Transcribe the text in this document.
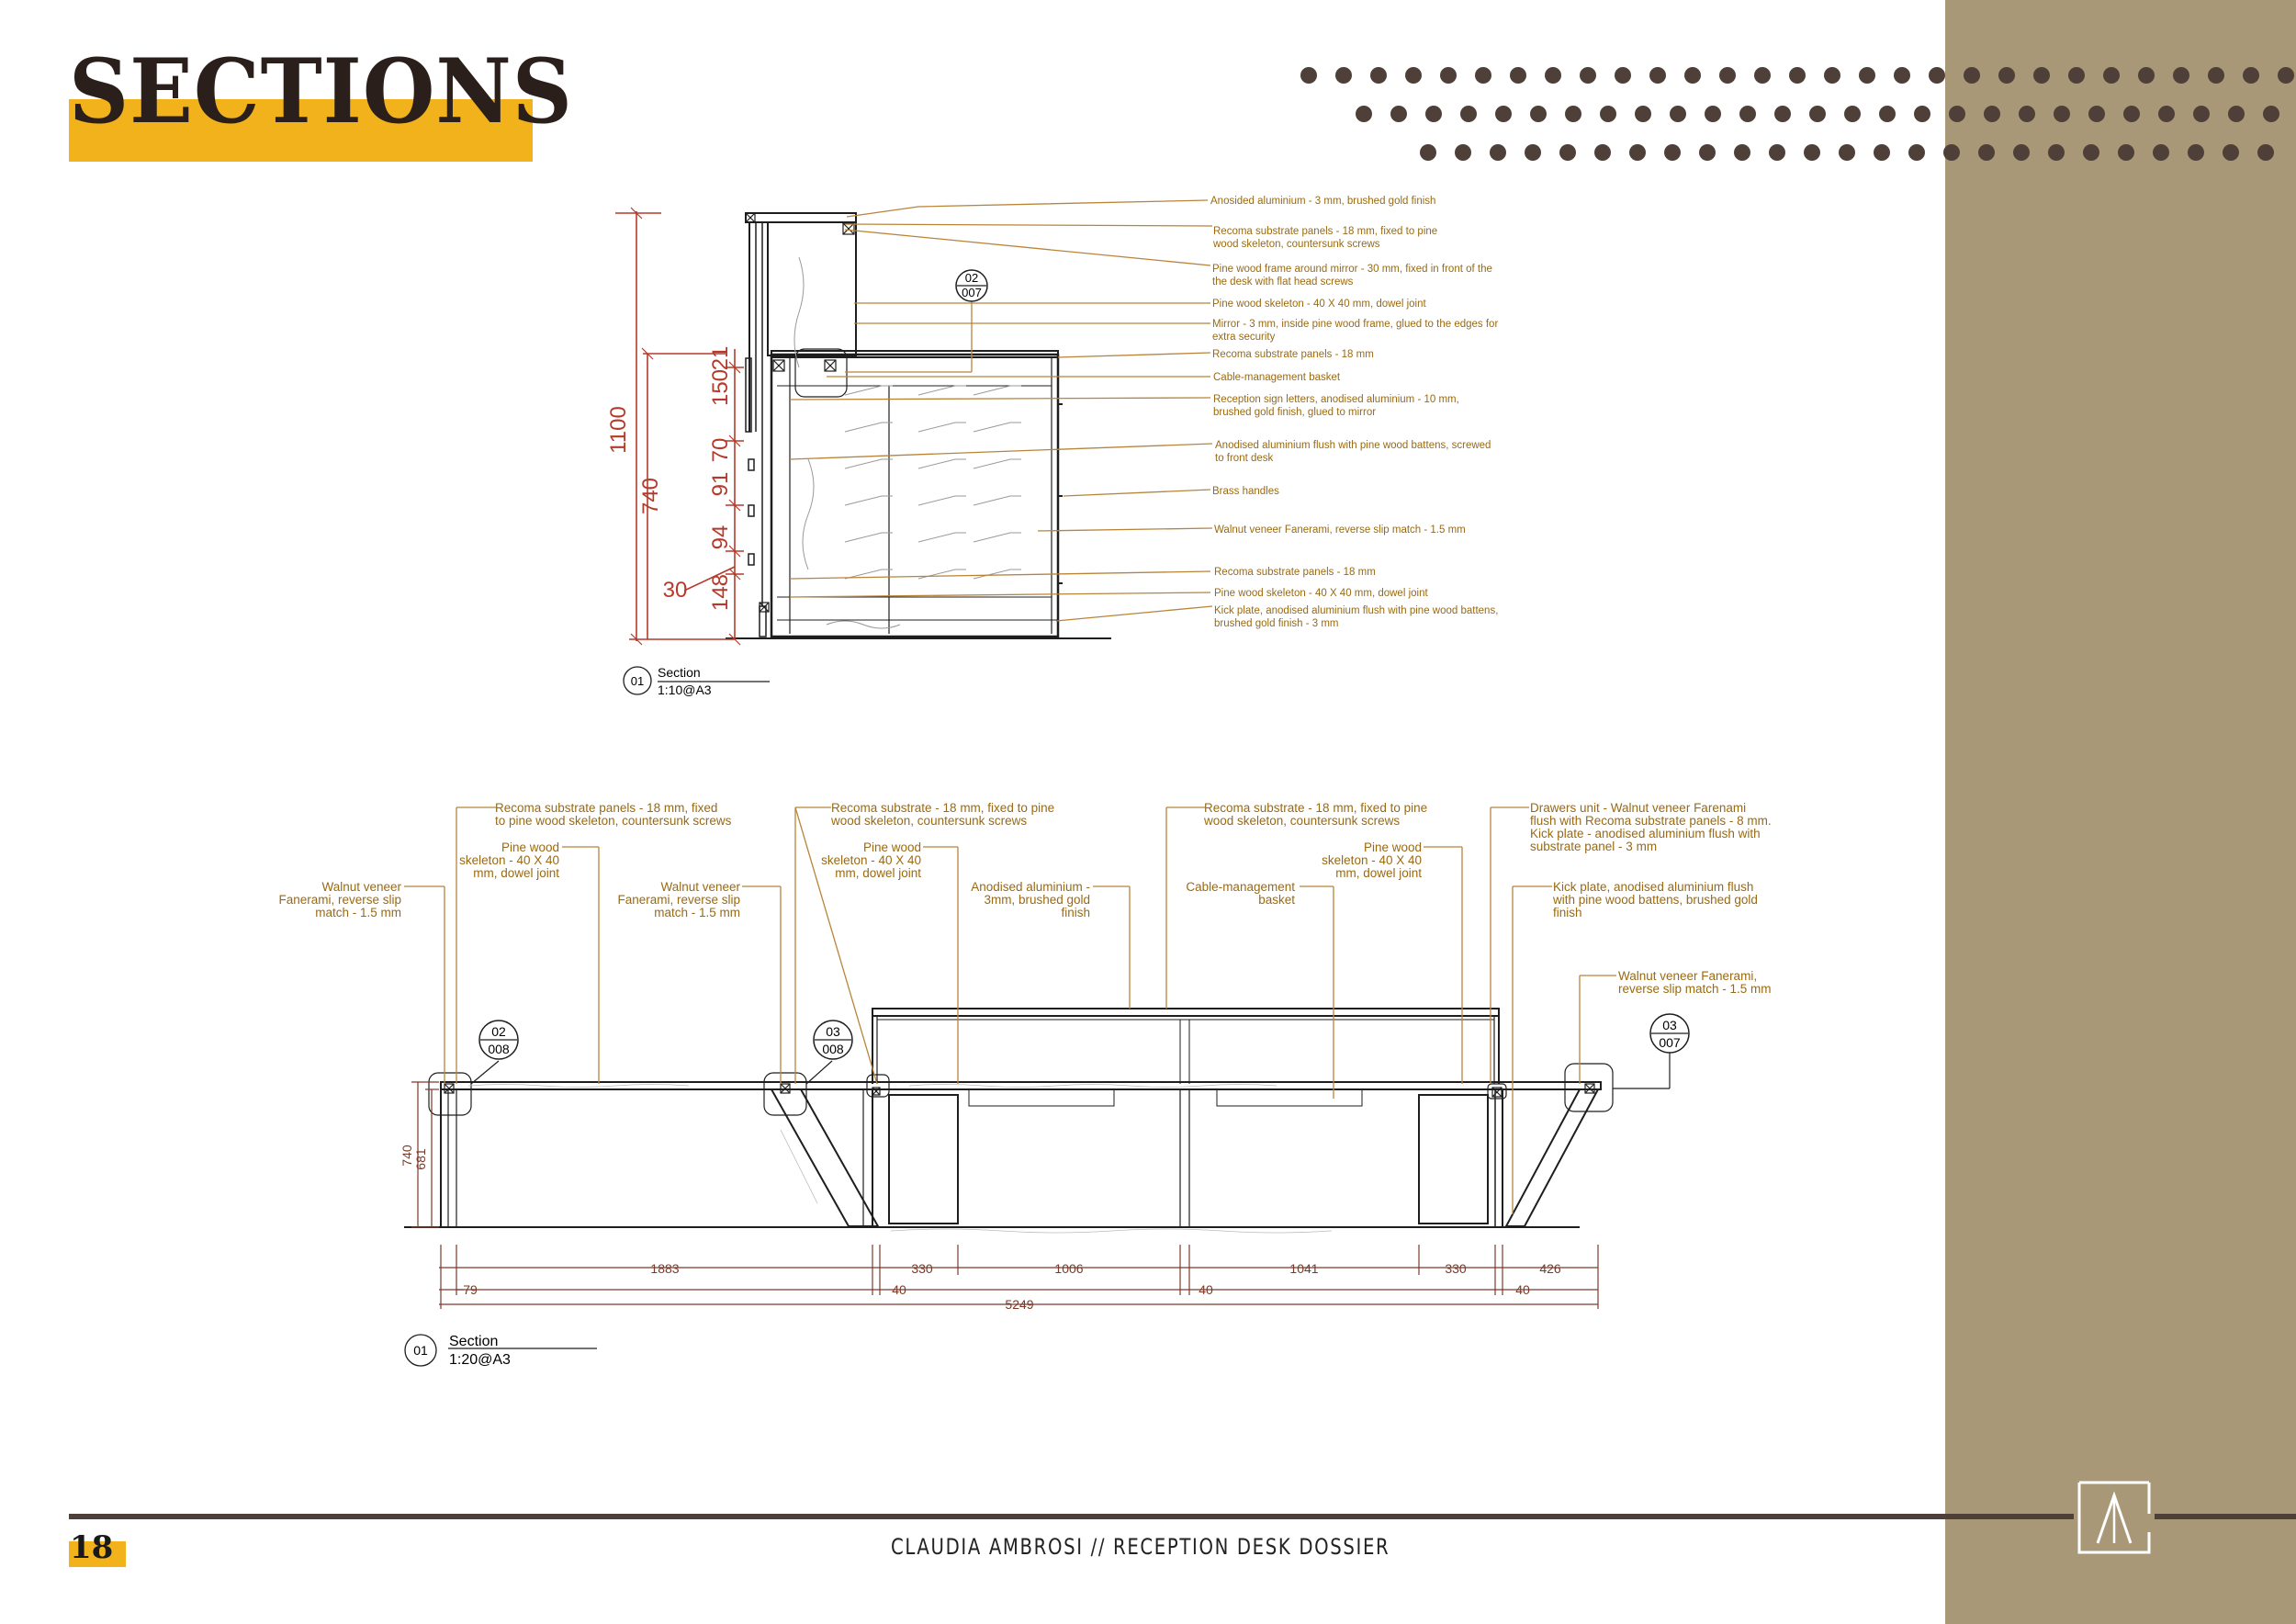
SECTIONS
02
007
Anosided aluminium - 3 mm, brushed gold finish
Recoma substrate panels - 18 mm, fixed to pine
wood skeleton, countersunk screws
Pine wood frame around mirror - 30 mm, fixed in front of the
the desk with flat head screws
Pine wood skeleton - 40 X 40 mm, dowel joint
Mirror - 3 mm, inside pine wood frame, glued to the edges for
extra security
Recoma substrate panels - 18 mm
Cable-management basket
Reception sign letters, anodised aluminium - 10 mm,
brushed gold finish, glued to mirror
Anodised aluminium flush with pine wood battens, screwed
to front desk
Brass handles
Walnut veneer Fanerami, reverse slip match - 1.5 mm
Recoma substrate panels - 18 mm
Pine wood skeleton - 40 X 40 mm, dowel joint
Kick plate, anodised aluminium flush with pine wood battens,
brushed gold finish - 3 mm
1100
740
30
21
150
70
91
94
148
01
Section
1:10@A3
02
008
03
008
03
007
Recoma substrate panels - 18 mm, fixed
to pine wood skeleton, countersunk screws
Pine wood
skeleton - 40 X 40
mm, dowel joint
Walnut veneer
Fanerami, reverse slip
match - 1.5 mm
Recoma substrate - 18 mm, fixed to pine
wood skeleton, countersunk screws
Pine wood
skeleton - 40 X 40
mm, dowel joint
Walnut veneer
Fanerami, reverse slip
match - 1.5 mm
Anodised aluminium -
3mm, brushed gold
finish
Recoma substrate - 18 mm, fixed to pine
wood skeleton, countersunk screws
Cable-management
basket
Pine wood
skeleton - 40 X 40
mm, dowel joint
Drawers unit - Walnut veneer Farenami
flush with Recoma substrate panels - 8 mm.
Kick plate - anodised aluminium flush with
substrate panel - 3 mm
Kick plate, anodised aluminium flush
with pine wood battens, brushed gold
finish
Walnut veneer Fanerami,
reverse slip match - 1.5 mm
740 681
1883	330	1006	1041	330	426
79	40	40	40
5249
01
Section
1:20@A3
18	CLAUDIA AMBROSI // RECEPTION DESK DOSSIER
